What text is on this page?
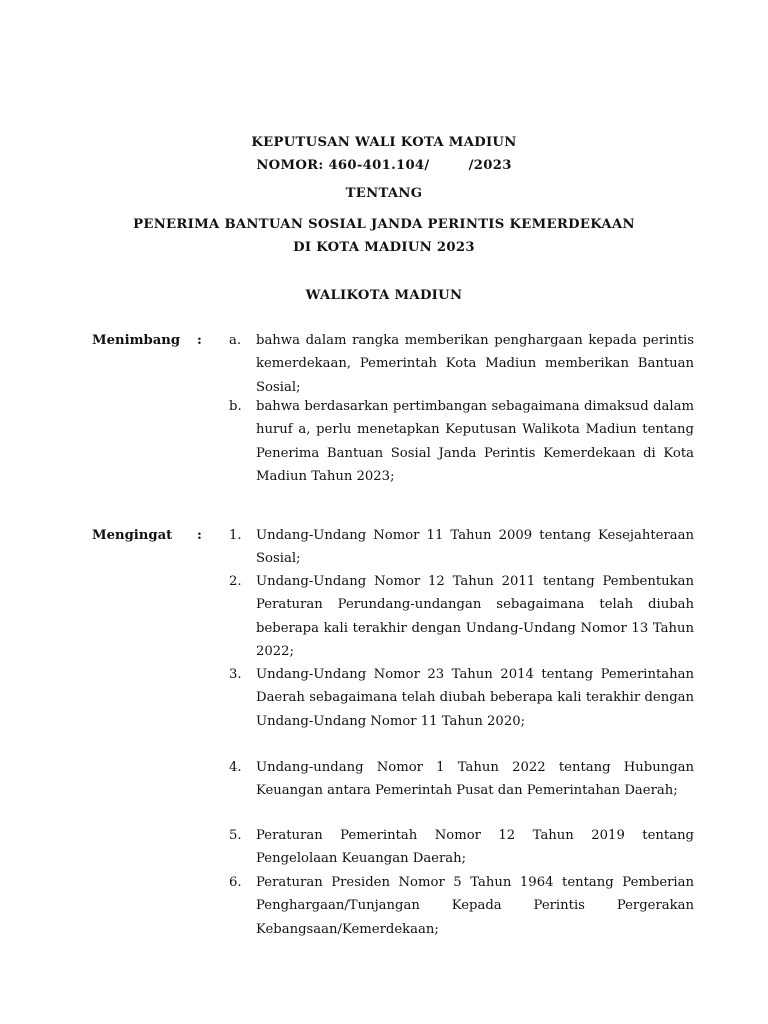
KEPUTUSAN WALI KOTA MADIUN
NOMOR: 460-401.104/        /2023
TENTANG
PENERIMA BANTUAN SOSIAL JANDA PERINTIS KEMERDEKAAN
DI KOTA MADIUN 2023
WALIKOTA MADIUN
Menimbang : a. bahwa dalam rangka memberikan penghargaan kepada perintis kemerdekaan, Pemerintah Kota Madiun memberikan Bantuan Sosial;
b. bahwa berdasarkan pertimbangan sebagaimana dimaksud dalam huruf a, perlu menetapkan Keputusan Walikota Madiun tentang Penerima Bantuan Sosial Janda Perintis Kemerdekaan di Kota Madiun Tahun 2023;
Mengingat : 1. Undang-Undang Nomor 11 Tahun 2009 tentang Kesejahteraan Sosial;
2. Undang-Undang Nomor 12 Tahun 2011 tentang Pembentukan Peraturan Perundang-undangan sebagaimana telah diubah beberapa kali terakhir dengan Undang-Undang Nomor 13 Tahun 2022;
3. Undang-Undang Nomor 23 Tahun 2014 tentang Pemerintahan Daerah sebagaimana telah diubah beberapa kali terakhir dengan Undang-Undang Nomor 11 Tahun 2020;
4. Undang-undang Nomor 1 Tahun 2022 tentang Hubungan Keuangan antara Pemerintah Pusat dan Pemerintahan Daerah;
5. Peraturan Pemerintah Nomor 12 Tahun 2019 tentang Pengelolaan Keuangan Daerah;
6. Peraturan Presiden Nomor 5 Tahun 1964 tentang Pemberian Penghargaan/Tunjangan Kepada Perintis Pergerakan Kebangsaan/Kemerdekaan;
